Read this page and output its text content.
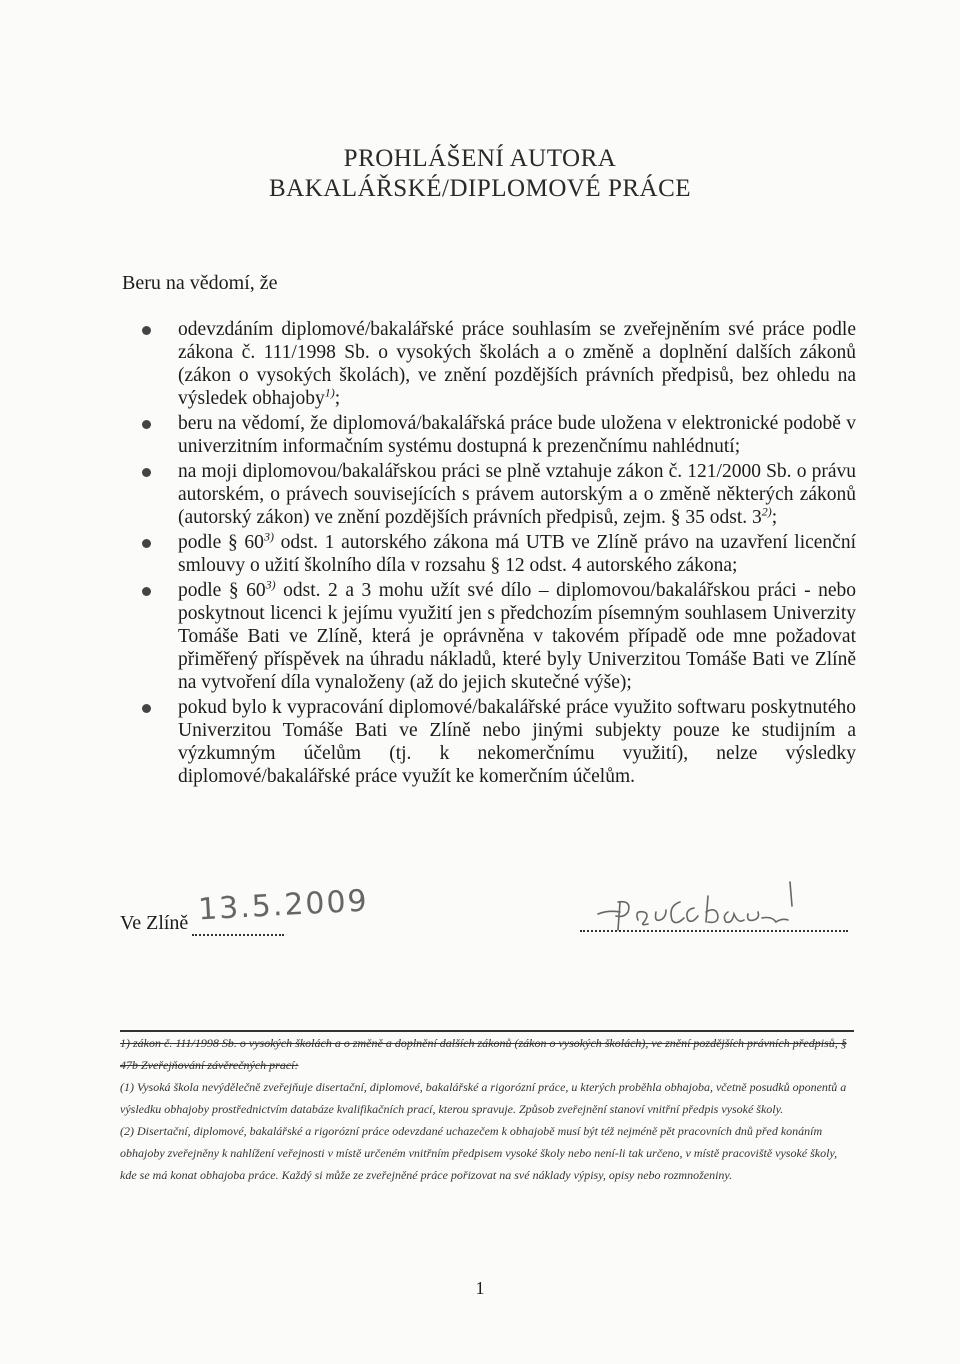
PROHLÁŠENÍ AUTORA
BAKALÁŘSKÉ/DIPLOMOVÉ PRÁCE
Beru na vědomí, že
odevzdáním diplomové/bakalářské práce souhlasím se zveřejněním své práce podle zákona č. 111/1998 Sb. o vysokých školách a o změně a doplnění dalších zákonů (zákon o vysokých školách), ve znění pozdějších právních předpisů, bez ohledu na výsledek obhajoby$^{1)}$;
beru na vědomí, že diplomová/bakalářská práce bude uložena v elektronické podobě v univerzitním informačním systému dostupná k prezenčnímu nahlédnutí;
na moji diplomovou/bakalářskou práci se plně vztahuje zákon č. 121/2000 Sb. o právu autorském, o právech souvisejících s právem autorským a o změně některých zákonů (autorský zákon) ve znění pozdějších právních předpisů, zejm. § 35 odst. 3$^{2)}$;
podle § 60$^{3)}$ odst. 1 autorského zákona má UTB ve Zlíně právo na uzavření licenční smlouvy o užití školního díla v rozsahu § 12 odst. 4 autorského zákona;
podle § 60$^{3)}$ odst. 2 a 3 mohu užít své dílo – diplomovou/bakalářskou práci - nebo poskytnout licenci k jejímu využití jen s předchozím písemným souhlasem Univerzity Tomáše Bati ve Zlíně, která je oprávněna v takovém případě ode mne požadovat přiměřený příspěvek na úhradu nákladů, které byly Univerzitou Tomáše Bati ve Zlíně na vytvoření díla vynaloženy (až do jejich skutečné výše);
pokud bylo k vypracování diplomové/bakalářské práce využito softwaru poskytnutého Univerzitou Tomáše Bati ve Zlíně nebo jinými subjekty pouze ke studijním a výzkumným účelům (tj. k nekomerčnímu využití), nelze výsledky diplomové/bakalářské práce využít ke komerčním účelům.
Ve Zlíně 13.5.2009

1) zákon č. 111/1998 Sb. o vysokých školách a o změně a doplnění dalších zákonů (zákon o vysokých školách), ve znění pozdějších právních předpisů, § 47b Zveřejňování závěrečných prací:

(1) Vysoká škola nevýdělečně zveřejňuje disertační, diplomové, bakalářské a rigorózní práce, u kterých proběhla obhajoba, včetně posudků oponentů a výsledku obhajoby prostřednictvím databáze kvalifikačních prací, kterou spravuje. Způsob zveřejnění stanoví vnitřní předpis vysoké školy.

(2) Disertační, diplomové, bakalářské a rigorózní práce odevzdané uchazečem k obhajobě musí být též nejméně pět pracovních dnů před konáním obhajoby zveřejněny k nahlížení veřejnosti v místě určeném vnitřním předpisem vysoké školy nebo není-li tak určeno, v místě pracoviště vysoké školy, kde se má konat obhajoba práce. Každý si může ze zveřejněné práce pořizovat na své náklady výpisy, opisy nebo rozmnoženiny.

1
